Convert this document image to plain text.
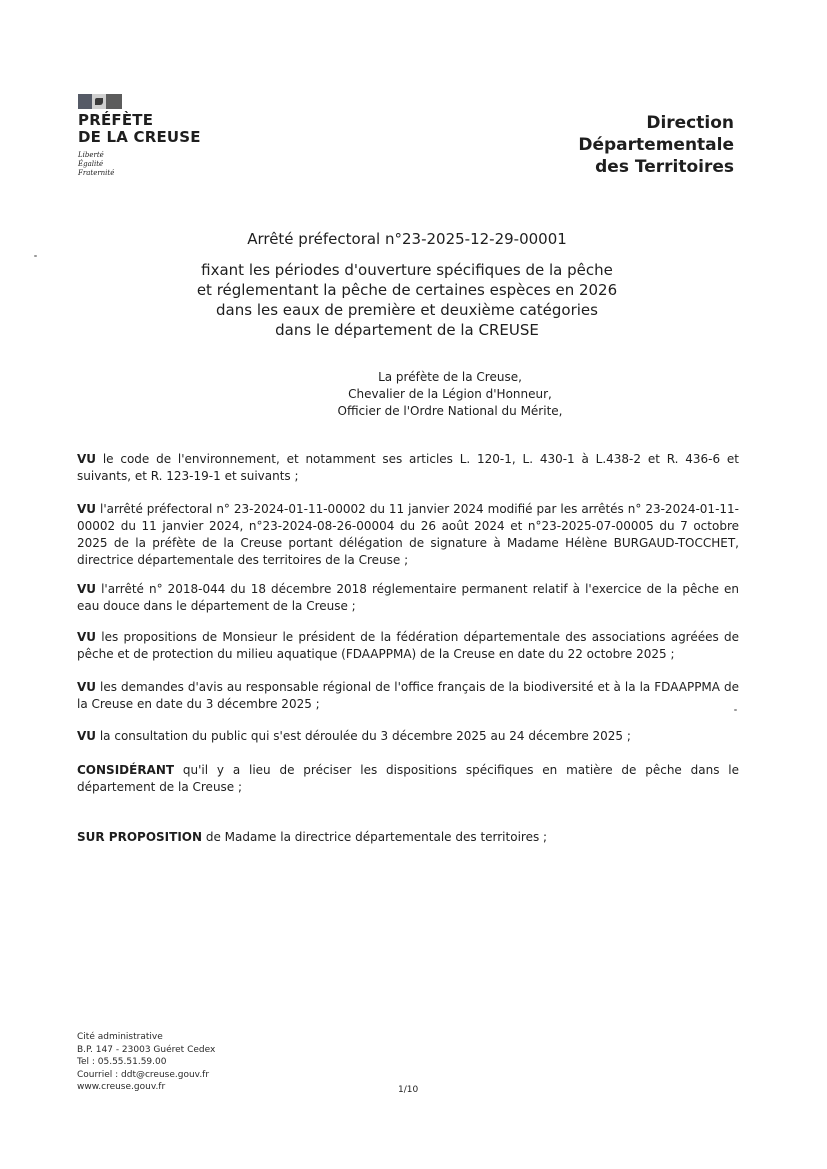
PRÉFÈTE
DE LA CREUSE
Liberté
Égalité
Fraternité
Direction
Départementale
des Territoires
Arrêté préfectoral n°23-2025-12-29-00001
fixant les périodes d'ouverture spécifiques de la pêche
et réglementant la pêche de certaines espèces en 2026
dans les eaux de première et deuxième catégories
dans le département de la CREUSE
La préfète de la Creuse,
Chevalier de la Légion d'Honneur,
Officier de l'Ordre National du Mérite,

VU le code de l'environnement, et notamment ses articles L. 120-1, L. 430-1 à L.438-2 et R. 436-6 et suivants, et R. 123-19-1 et suivants ;

VU l'arrêté préfectoral n° 23-2024-01-11-00002 du 11 janvier 2024 modifié par les arrêtés n° 23-2024-01-11-00002 du 11 janvier 2024, n°23-2024-08-26-00004 du 26 août 2024 et n°23-2025-07-00005 du 7 octobre 2025 de la préfète de la Creuse portant délégation de signature à Madame Hélène BURGAUD-TOCCHET, directrice départementale des territoires de la Creuse ;

VU l'arrêté n° 2018-044 du 18 décembre 2018 réglementaire permanent relatif à l'exercice de la pêche en eau douce dans le département de la Creuse ;

VU les propositions de Monsieur le président de la fédération départementale des associations agréées de pêche et de protection du milieu aquatique (FDAAPPMA) de la Creuse en date du 22 octobre 2025 ;

VU les demandes d'avis au responsable régional de l'office français de la biodiversité et à la la FDAAPPMA de la Creuse en date du 3 décembre 2025 ;

VU la consultation du public qui s'est déroulée du 3 décembre 2025 au 24 décembre 2025 ;

CONSIDÉRANT qu'il y a lieu de préciser les dispositions spécifiques en matière de pêche dans le département de la Creuse ;

SUR PROPOSITION de Madame la directrice départementale des territoires ;

Cité administrative
B.P. 147 - 23003 Guéret Cedex
Tel : 05.55.51.59.00
Courriel : ddt@creuse.gouv.fr
www.creuse.gouv.fr	1/10
